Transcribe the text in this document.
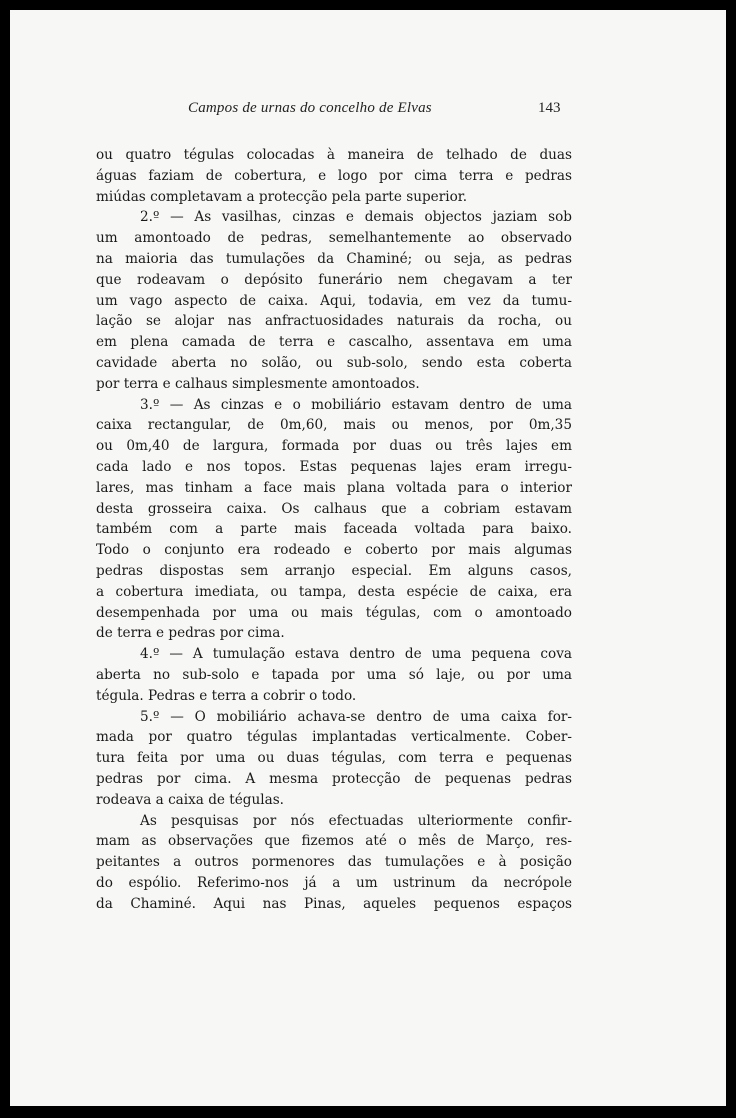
Campos de urnas do concelho de Elvas	143
ou quatro tégulas colocadas à maneira de telhado de duas
águas faziam de cobertura, e logo por cima terra e pedras
miúdas completavam a protecção pela parte superior.
2.º — As vasilhas, cinzas e demais objectos jaziam sob
um amontoado de pedras, semelhantemente ao observado
na maioria das tumulações da Chaminé; ou seja, as pedras
que rodeavam o depósito funerário nem chegavam a ter
um vago aspecto de caixa. Aqui, todavia, em vez da tumu-
lação se alojar nas anfractuosidades naturais da rocha, ou
em plena camada de terra e cascalho, assentava em uma
cavidade aberta no solão, ou sub-solo, sendo esta coberta
por terra e calhaus simplesmente amontoados.
3.º — As cinzas e o mobiliário estavam dentro de uma
caixa rectangular, de 0m,60, mais ou menos, por 0m,35
ou 0m,40 de largura, formada por duas ou três lajes em
cada lado e nos topos. Estas pequenas lajes eram irregu-
lares, mas tinham a face mais plana voltada para o interior
desta grosseira caixa. Os calhaus que a cobriam estavam
também com a parte mais faceada voltada para baixo.
Todo o conjunto era rodeado e coberto por mais algumas
pedras dispostas sem arranjo especial. Em alguns casos,
a cobertura imediata, ou tampa, desta espécie de caixa, era
desempenhada por uma ou mais tégulas, com o amontoado
de terra e pedras por cima.
4.º — A tumulação estava dentro de uma pequena cova
aberta no sub-solo e tapada por uma só laje, ou por uma
tégula. Pedras e terra a cobrir o todo.
5.º — O mobiliário achava-se dentro de uma caixa for-
mada por quatro tégulas implantadas verticalmente. Cober-
tura feita por uma ou duas tégulas, com terra e pequenas
pedras por cima. A mesma protecção de pequenas pedras
rodeava a caixa de tégulas.
As pesquisas por nós efectuadas ulteriormente confir-
mam as observações que fizemos até o mês de Março, res-
peitantes a outros pormenores das tumulações e à posição
do espólio. Referimo-nos já a um ustrinum da necrópole
da Chaminé. Aqui nas Pinas, aqueles pequenos espaços
